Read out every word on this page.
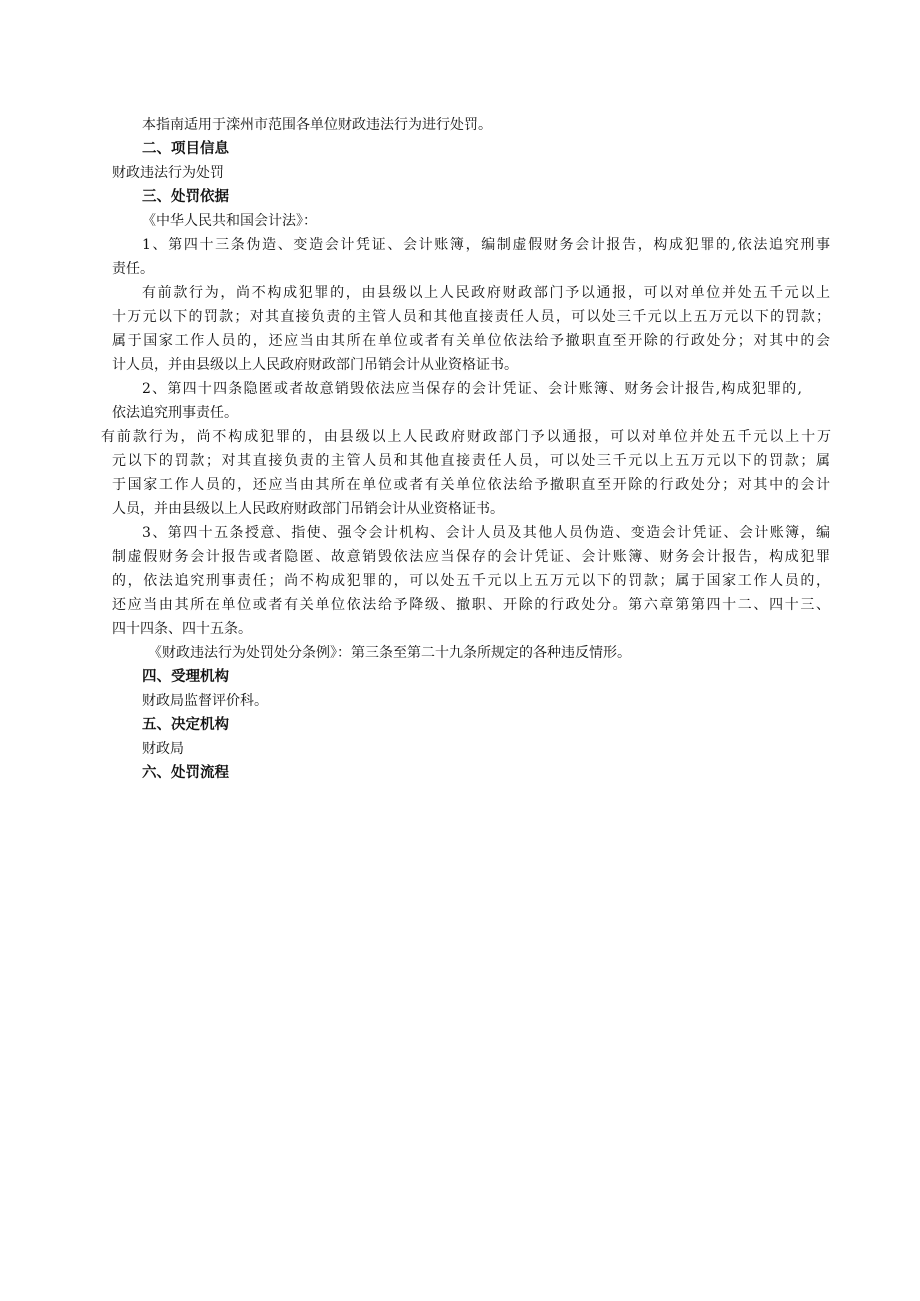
本指南适用于滦州市范围各单位财政违法行为进行处罚。
二、项目信息
财政违法行为处罚
三、处罚依据
《中华人民共和国会计法》：
1、第四十三条伪造、变造会计凭证、会计账簿，编制虚假财务会计报告，构成犯罪的,依法追究刑事
责任。
有前款行为，尚不构成犯罪的，由县级以上人民政府财政部门予以通报，可以对单位并处五千元以上
十万元以下的罚款；对其直接负责的主管人员和其他直接责任人员，可以处三千元以上五万元以下的罚款；
属于国家工作人员的，还应当由其所在单位或者有关单位依法给予撤职直至开除的行政处分；对其中的会
计人员，并由县级以上人民政府财政部门吊销会计从业资格证书。
2、第四十四条隐匿或者故意销毁依法应当保存的会计凭证、会计账簿、财务会计报告,构成犯罪的,
依法追究刑事责任。
有前款行为，尚不构成犯罪的，由县级以上人民政府财政部门予以通报，可以对单位并处五千元以上十万
元以下的罚款；对其直接负责的主管人员和其他直接责任人员，可以处三千元以上五万元以下的罚款；属
于国家工作人员的，还应当由其所在单位或者有关单位依法给予撤职直至开除的行政处分；对其中的会计
人员，并由县级以上人民政府财政部门吊销会计从业资格证书。
3、第四十五条授意、指使、强令会计机构、会计人员及其他人员伪造、变造会计凭证、会计账簿，编
制虚假财务会计报告或者隐匿、故意销毁依法应当保存的会计凭证、会计账簿、财务会计报告，构成犯罪
的，依法追究刑事责任；尚不构成犯罪的，可以处五千元以上五万元以下的罚款；属于国家工作人员的，
还应当由其所在单位或者有关单位依法给予降级、撤职、开除的行政处分。第六章第第四十二、四十三、
四十四条、四十五条。
《财政违法行为处罚处分条例》：第三条至第二十九条所规定的各种违反情形。
四、受理机构
财政局监督评价科。
五、决定机构
财政局
六、处罚流程
